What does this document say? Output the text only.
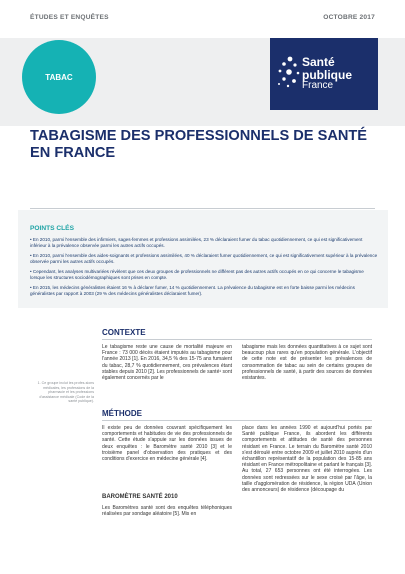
ÉTUDES ET ENQUÊTES	OCTOBRE 2017
TABAC
Santé
publique
France
TABAGISME DES PROFESSIONNELS DE SANTÉ EN FRANCE
POINTS CLÉS
• En 2010, parmi l'ensemble des infirmiers, sages-femmes et professions assimilées, 23 % déclaraient fumer du tabac quotidiennement, ce qui est significativement inférieur à la prévalence observée parmi les autres actifs occupés.
• En 2010, parmi l'ensemble des aides-soignants et professions assimilées, 40 % déclaraient fumer quotidiennement, ce qui est significativement supérieur à la prévalence observée parmi les autres actifs occupés.
• Cependant, les analyses multivariées révèlent que ces deux groupes de professionnels ne diffèrent pas des autres actifs occupés en ce qui concerne le tabagisme lorsque les structures sociodémographiques sont prises en compte.
• En 2015, les médecins généralistes étaient 16 % à déclarer fumer, 14 % quotidiennement. La prévalence du tabagisme est en forte baisse parmi les médecins généralistes par rapport à 2003 (29 % des médecins généralistes déclaraient fumer).
CONTEXTE

Le tabagisme reste une cause de mortalité majeure en France : 73 000 décès étaient imputés au tabagisme pour l'année 2013 [1]. En 2016, 34,5 % des 15-75 ans fumaient du tabac, 28,7 % quotidiennement, ces prévalences étant stables depuis 2010 [2]. Les professionnels de santé¹ sont également concernés par le

tabagisme mais les données quantitatives à ce sujet sont beaucoup plus rares qu'en population générale. L'objectif de cette note est de présenter les prévalences de consommation de tabac au sein de certains groupes de professionnels de santé, à partir des sources de données existantes.

1. Ce groupe inclut les profes-sions médicales, les professions de la pharmacie et les professions d'assistance médicale (Code de la santé publique).
MÉTHODE

Il existe peu de données couvrant spécifiquement les comportements et habitudes de vie des professionnels de santé. Cette étude s'appuie sur les données issues de deux enquêtes : le Baromètre santé 2010 [3] et le troisième panel d'observation des pratiques et des conditions d'exercice en médecine générale [4].

BAROMÈTRE SANTÉ 2010

Les Baromètres santé sont des enquêtes téléphoniques réalisées par sondage aléatoire [5]. Mis en

place dans les années 1990 et aujourd'hui portés par Santé publique France, ils abordent les différents comportements et attitudes de santé des personnes résidant en France. Le terrain du Baromètre santé 2010 s'est déroulé entre octobre 2009 et juillet 2010 auprès d'un échantillon représentatif de la population des 15-85 ans résidant en France métropolitaine et parlant le français [3]. Au total, 27 653 personnes ont été interrogées. Les données sont redressées sur le sexe croisé par l'âge, la taille d'agglomération de résidence, la région UDA (Union des annonceurs) de résidence (découpage du
